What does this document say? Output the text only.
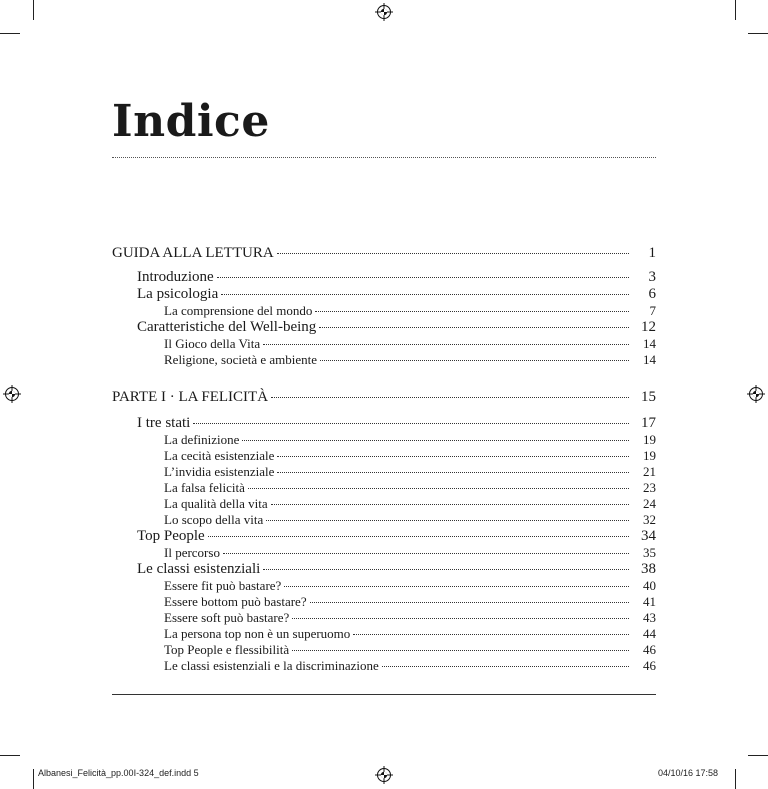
Indice
GUIDA ALLA LETTURA	1
Introduzione	3
La psicologia	6
La comprensione del mondo	7
Caratteristiche del Well-being	12
Il Gioco della Vita	14
Religione, società e ambiente	14
PARTE I · LA FELICITÀ	15
I tre stati	17
La definizione	19
La cecità esistenziale	19
L’invidia esistenziale	21
La falsa felicità	23
La qualità della vita	24
Lo scopo della vita	32
Top People	34
Il percorso	35
Le classi esistenziali	38
Essere fit può bastare?	40
Essere bottom può bastare?	41
Essere soft può bastare?	43
La persona top non è un superuomo	44
Top People e flessibilità	46
Le classi esistenziali e la discriminazione	46
Albanesi_Felicità_pp.00I-324_def.indd 5	04/10/16 17:58
